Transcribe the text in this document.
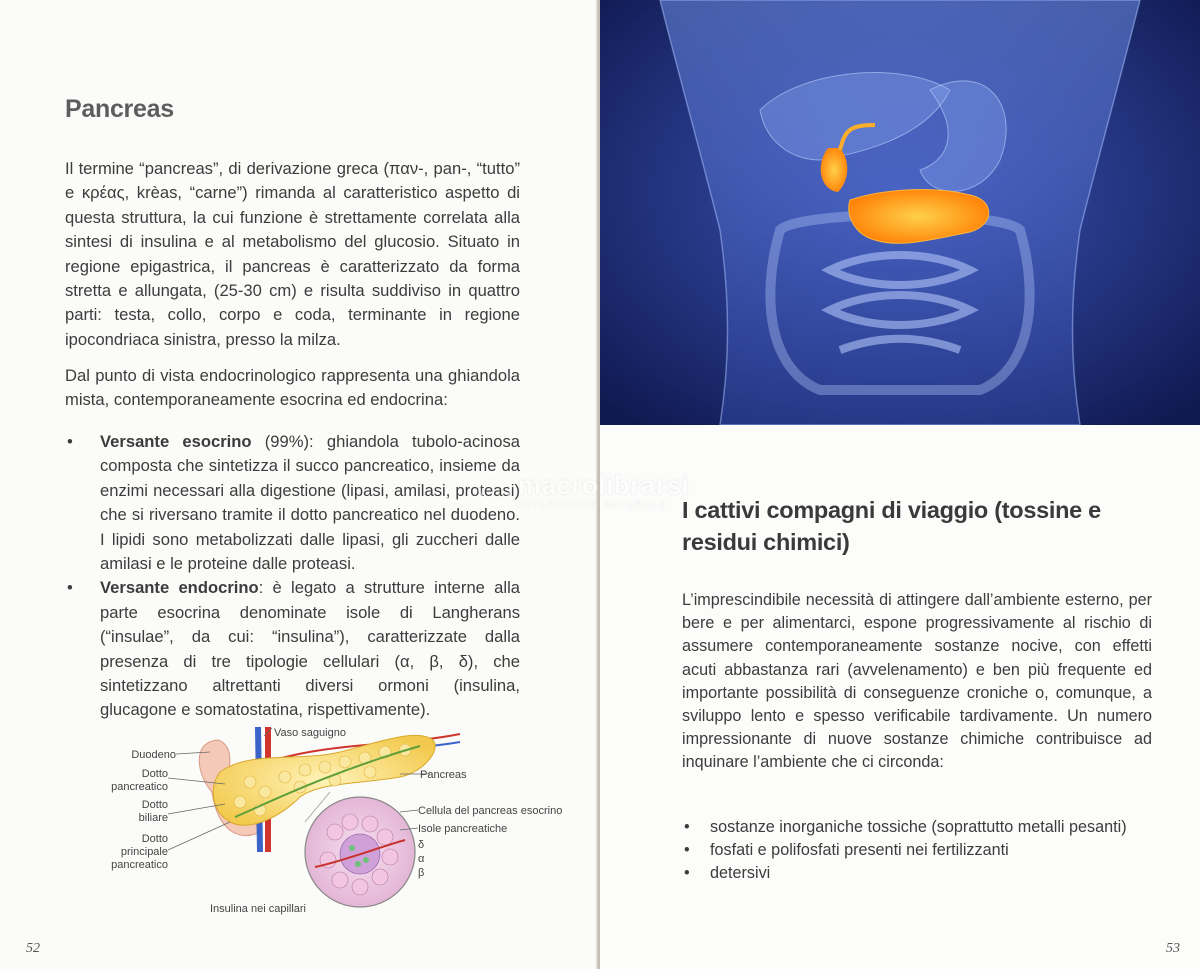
Pancreas

Il termine “pancreas”, di derivazione greca (παν-, pan-, “tutto” e κρέας, krèas, “carne”) rimanda al caratteristico aspetto di questa struttura, la cui funzione è strettamente correlata alla sintesi di insulina e al metabolismo del glucosio. Situato in regione epigastrica, il pancreas è caratterizzato da forma stretta e allungata, (25-30 cm) e risulta suddiviso in quattro parti: testa, collo, corpo e coda, terminante in regione ipocondriaca sinistra, presso la milza.

Dal punto di vista endocrinologico rappresenta una ghiandola mista, contemporaneamente esocrina ed endocrina:

• Versante esocrino (99%): ghiandola tubolo-acinosa composta che sintetizza il succo pancreatico, insieme da enzimi necessari alla digestione (lipasi, amilasi, proteasi) che si riversano tramite il dotto pancreatico nel duodeno. I lipidi sono metabolizzati dalle lipasi, gli zuccheri dalle amilasi e le proteine dalle proteasi.
• Versante endocrino: è legato a strutture interne alla parte esocrina denominate isole di Langherans (“insulae”, da cui: “insulina”), caratterizzate dalla presenza di tre tipologie cellulari (α, β, δ), che sintetizzano altrettanti diversi ormoni (insulina, glucagone e somatostatina, rispettivamente).
Vaso saguigno
Duodeno
Dotto
pancreatico
Dotto
biliare
Dotto
principale
pancreatico
Pancreas
Cellula del pancreas esocrino
Isole pancreatiche
δ
α
β
Insulina nei capillari
52
I cattivi compagni di viaggio (tossine e residui chimici)

L’imprescindibile necessità di attingere dall’ambiente esterno, per bere e per alimentarci, espone progressivamente al rischio di assumere contemporaneamente sostanze nocive, con effetti acuti abbastanza rari (avvelenamento) e ben più frequente ed importante possibilità di conseguenze croniche o, comunque, a sviluppo lento e spesso verificabile tardivamente. Un numero impressionante di nuove sostanze chimiche contribuisce ad inquinare l’ambiente che ci circonda:

• sostanze inorganiche tossiche (soprattutto metalli pesanti)
• fosfati e polifosfati presenti nei fertilizzanti
• detersivi
53
macrolibrarsi
ALTERNATIVA NATURALE
